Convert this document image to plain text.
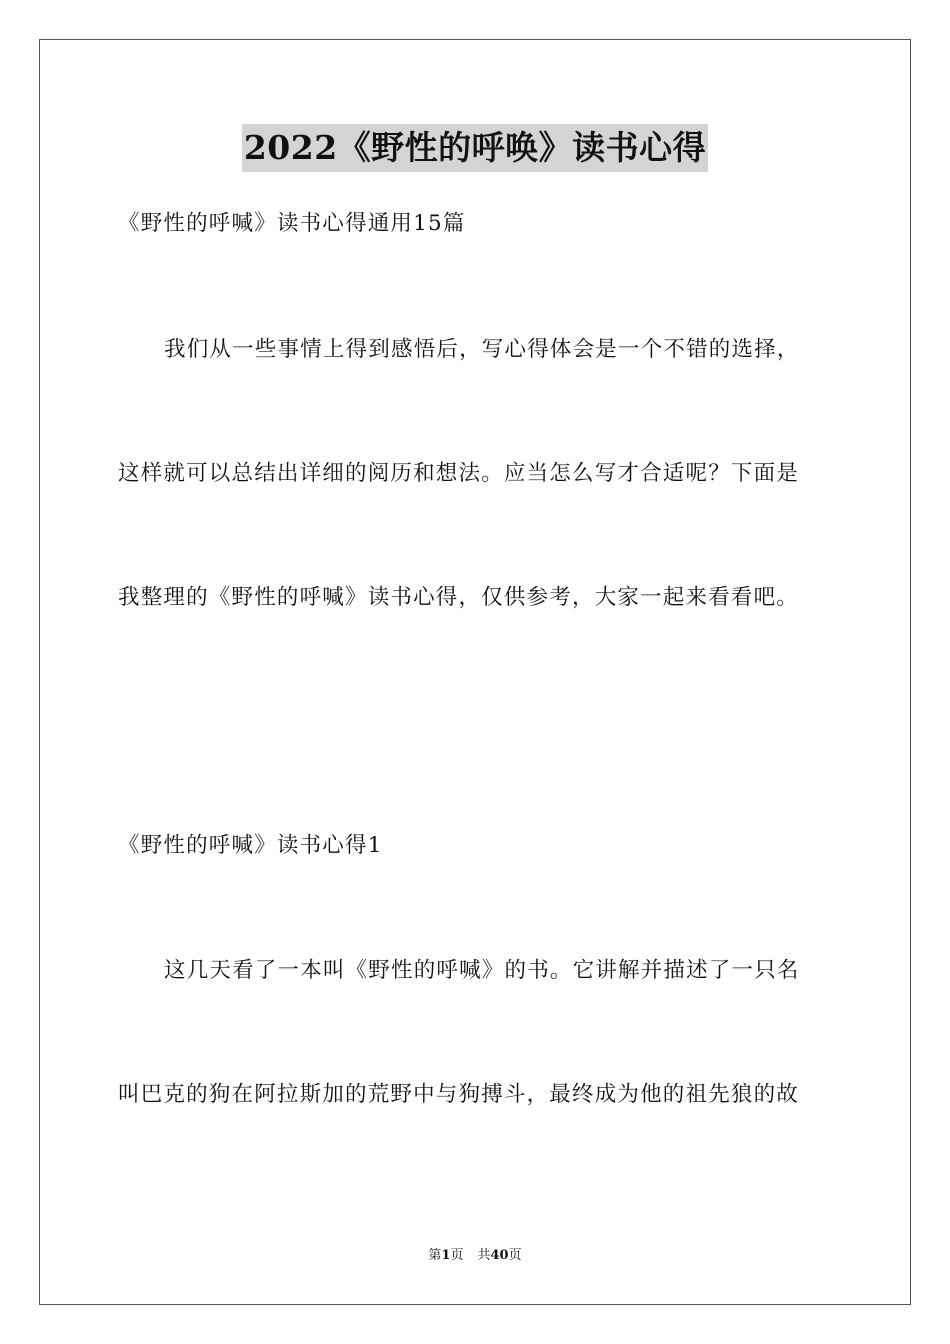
2022《野性的呼唤》读书心得
《野性的呼喊》读书心得通用15篇
我们从一些事情上得到感悟后，写心得体会是一个不错的选择，
这样就可以总结出详细的阅历和想法。应当怎么写才合适呢？下面是
我整理的《野性的呼喊》读书心得，仅供参考，大家一起来看看吧。
《野性的呼喊》读书心得1
这几天看了一本叫《野性的呼喊》的书。它讲解并描述了一只名
叫巴克的狗在阿拉斯加的荒野中与狗搏斗，最终成为他的祖先狼的故
第1页 共40页
